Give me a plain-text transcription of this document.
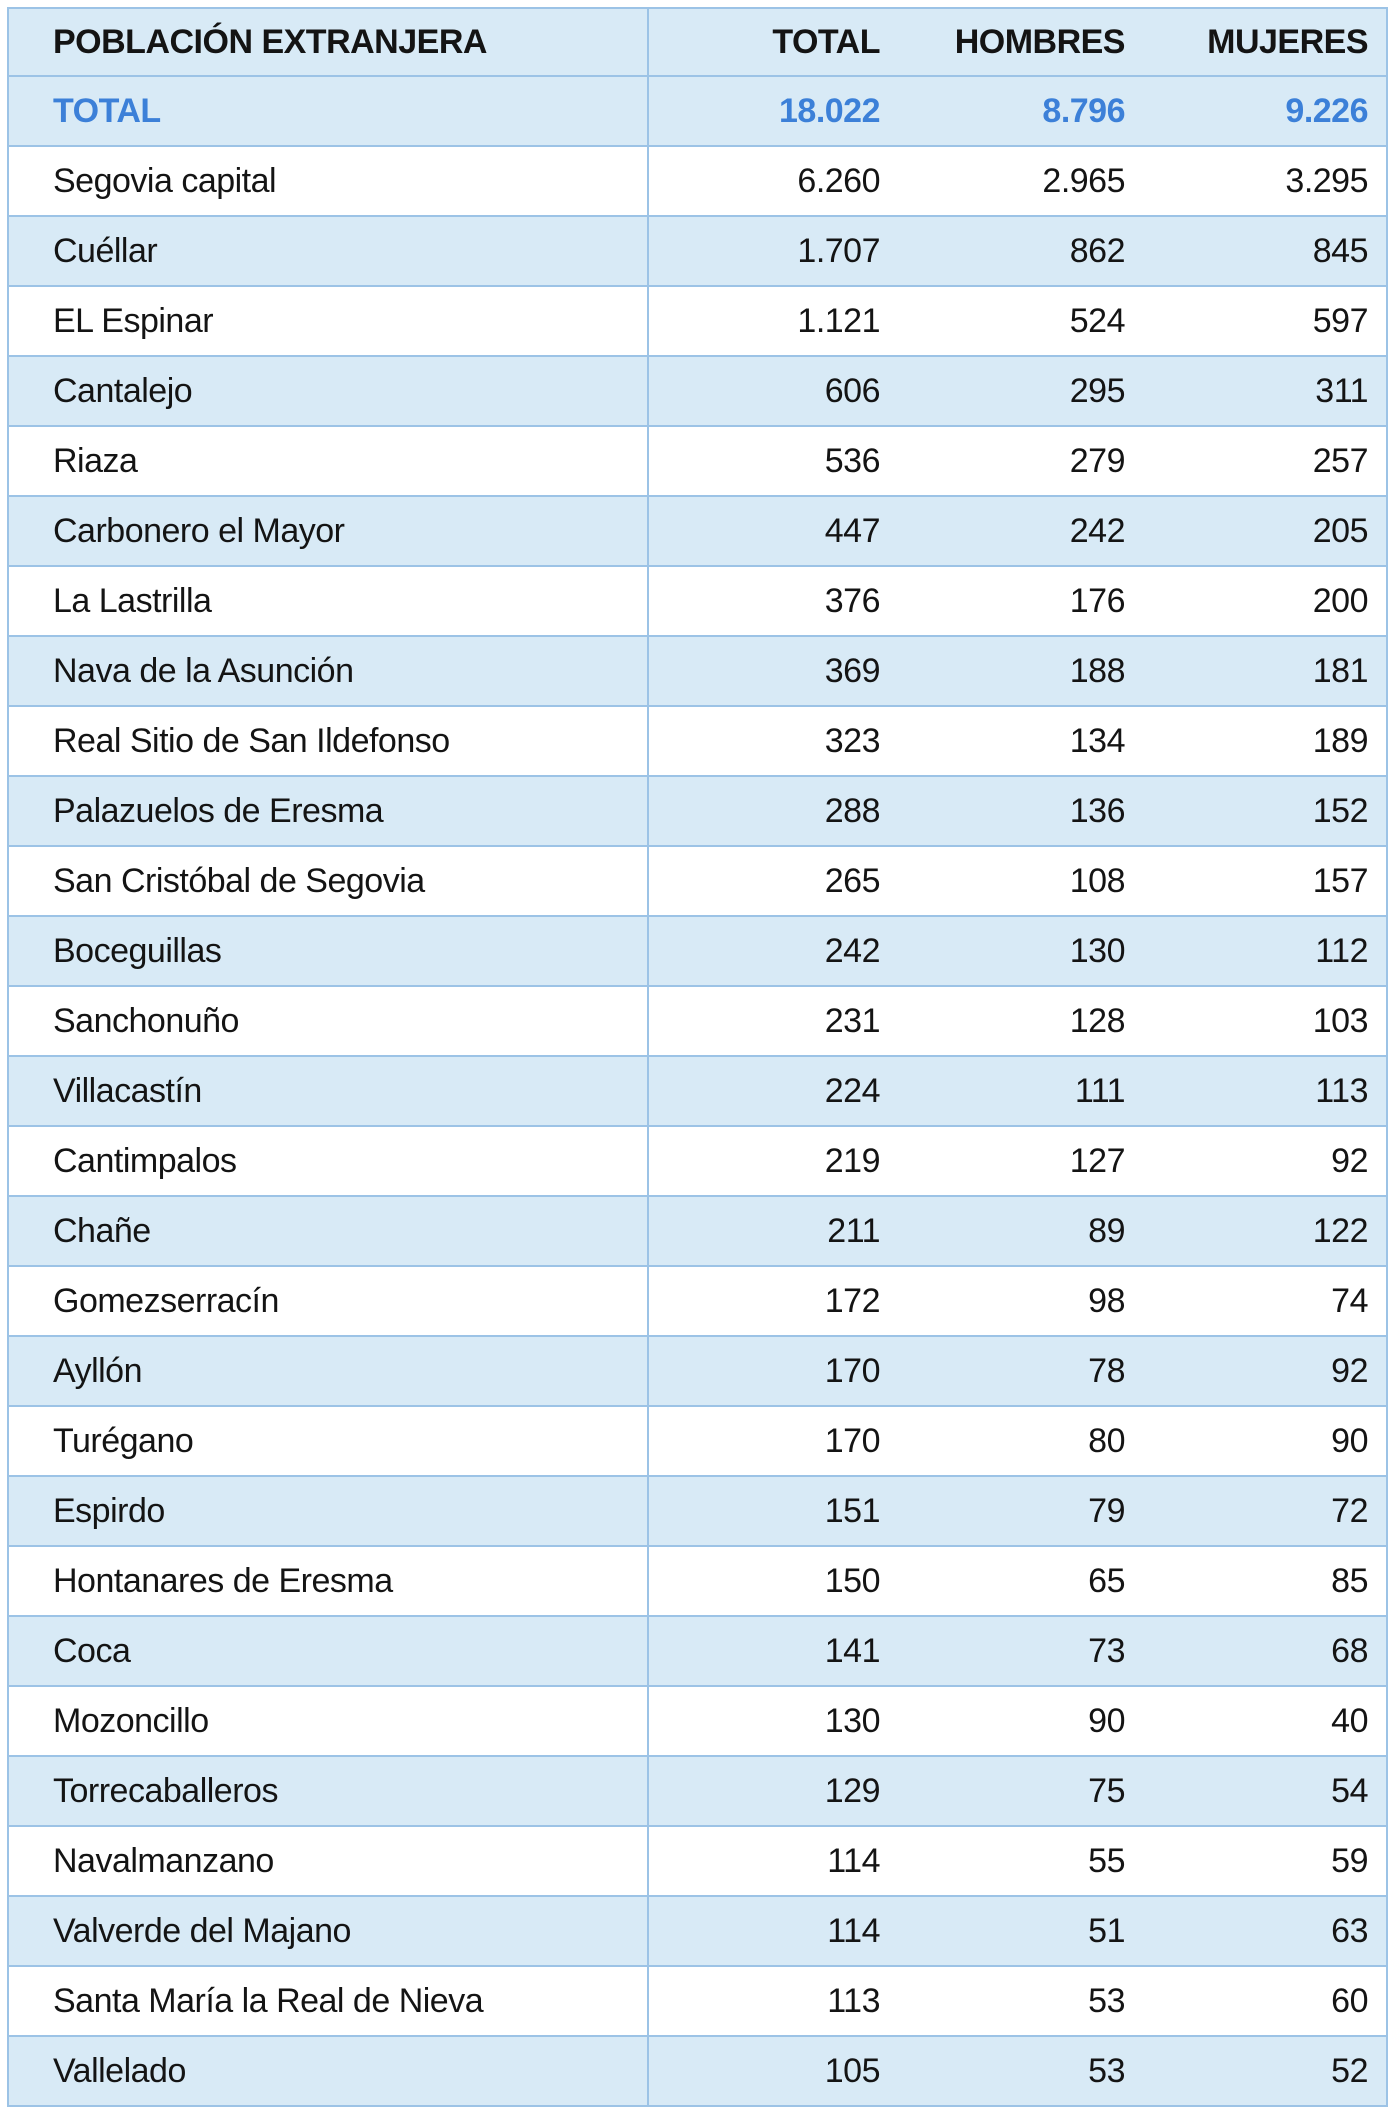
POBLACIÓN EXTRANJERA	TOTAL	HOMBRES	MUJERES
TOTAL	18.022	8.796	9.226
Segovia capital	6.260	2.965	3.295
Cuéllar	1.707	862	845
EL Espinar	1.121	524	597
Cantalejo	606	295	311
Riaza	536	279	257
Carbonero el Mayor	447	242	205
La Lastrilla	376	176	200
Nava de la Asunción	369	188	181
Real Sitio de San Ildefonso	323	134	189
Palazuelos de Eresma	288	136	152
San Cristóbal de Segovia	265	108	157
Boceguillas	242	130	112
Sanchonuño	231	128	103
Villacastín	224	111	113
Cantimpalos	219	127	92
Chañe	211	89	122
Gomezserracín	172	98	74
Ayllón	170	78	92
Turégano	170	80	90
Espirdo	151	79	72
Hontanares de Eresma	150	65	85
Coca	141	73	68
Mozoncillo	130	90	40
Torrecaballeros	129	75	54
Navalmanzano	114	55	59
Valverde del Majano	114	51	63
Santa María la Real de Nieva	113	53	60
Vallelado	105	53	52
